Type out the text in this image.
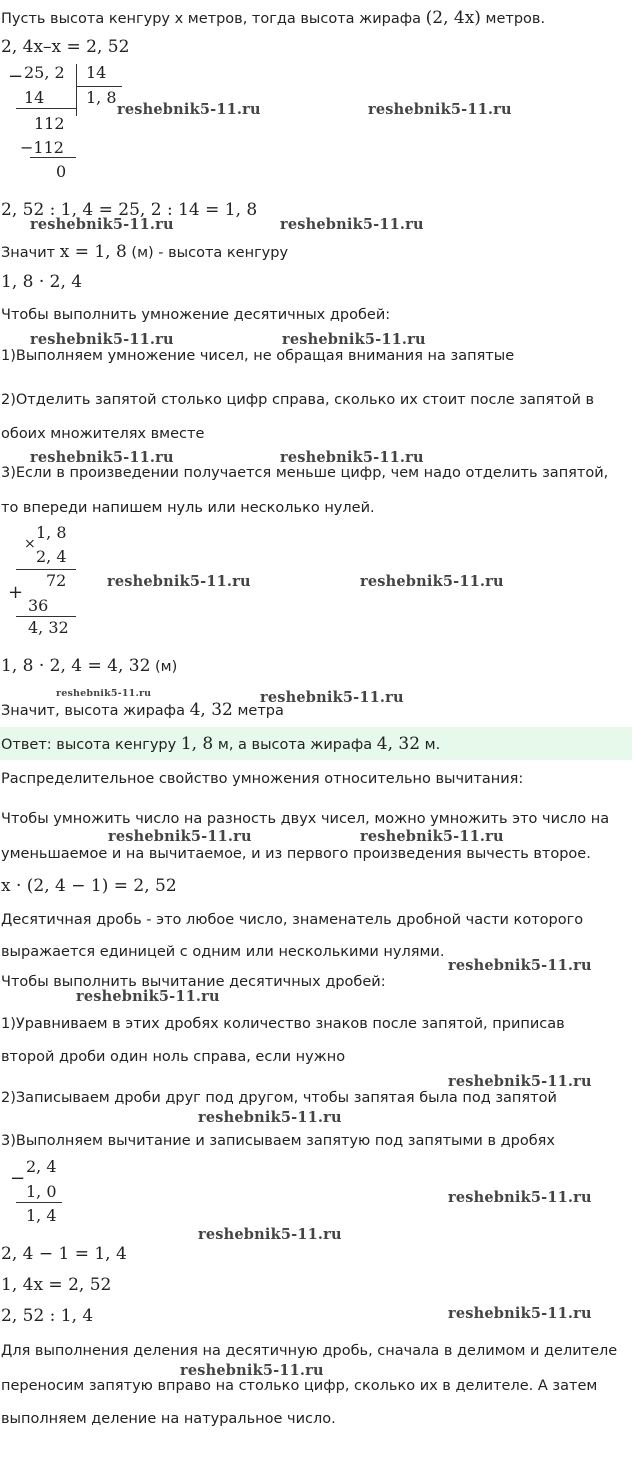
Пусть высота кенгуру х метров, тогда высота жирафа (2, 4x) метров.
2, 4x–x = 2, 52
− 25, 2 14
14	1, 8
112
−112
0
reshebnik5-11.ru	reshebnik5-11.ru
2, 52 : 1, 4 = 25, 2 : 14 = 1, 8
reshebnik5-11.ru	reshebnik5-11.ru
Значит x = 1, 8 (м) - высота кенгуру
1, 8 · 2, 4
Чтобы выполнить умножение десятичных дробей:
reshebnik5-11.ru	reshebnik5-11.ru
1)Выполняем умножение чисел, не обращая внимания на запятые
2)Отделить запятой столько цифр справа, сколько их стоит после запятой в
обоих множителях вместе
reshebnik5-11.ru	reshebnik5-11.ru
3)Если в произведении получается меньше цифр, чем надо отделить запятой,
то впереди напишем нуль или несколько нулей.
1, 8
×
2, 4
72
+
36
4, 32
reshebnik5-11.ru	reshebnik5-11.ru
1, 8 · 2, 4 = 4, 32 (м)
reshebnik5-11.ru	reshebnik5-11.ru
Значит, высота жирафа 4, 32 метра
Ответ: высота кенгуру 1, 8 м, а высота жирафа 4, 32 м.
Распределительное свойство умножения относительно вычитания:
Чтобы умножить число на разность двух чисел, можно умножить это число на
reshebnik5-11.ru	reshebnik5-11.ru
уменьшаемое и на вычитаемое, и из первого произведения вычесть второе.
x · (2, 4 − 1) = 2, 52
Десятичная дробь - это любое число, знаменатель дробной части которого
выражается единицей с одним или несколькими нулями.
reshebnik5-11.ru
Чтобы выполнить вычитание десятичных дробей:
reshebnik5-11.ru
1)Уравниваем в этих дробях количество знаков после запятой, приписав
второй дроби один ноль справа, если нужно
reshebnik5-11.ru
2)Записываем дроби друг под другом, чтобы запятая была под запятой
reshebnik5-11.ru
3)Выполняем вычитание и записываем запятую под запятыми в дробях
2, 4
−
1, 0
1, 4
reshebnik5-11.ru
reshebnik5-11.ru
2, 4 − 1 = 1, 4
1, 4x = 2, 52
2, 52 : 1, 4	reshebnik5-11.ru
Для выполнения деления на десятичную дробь, сначала в делимом и делителе
reshebnik5-11.ru
переносим запятую вправо на столько цифр, сколько их в делителе. А затем
выполняем деление на натуральное число.
